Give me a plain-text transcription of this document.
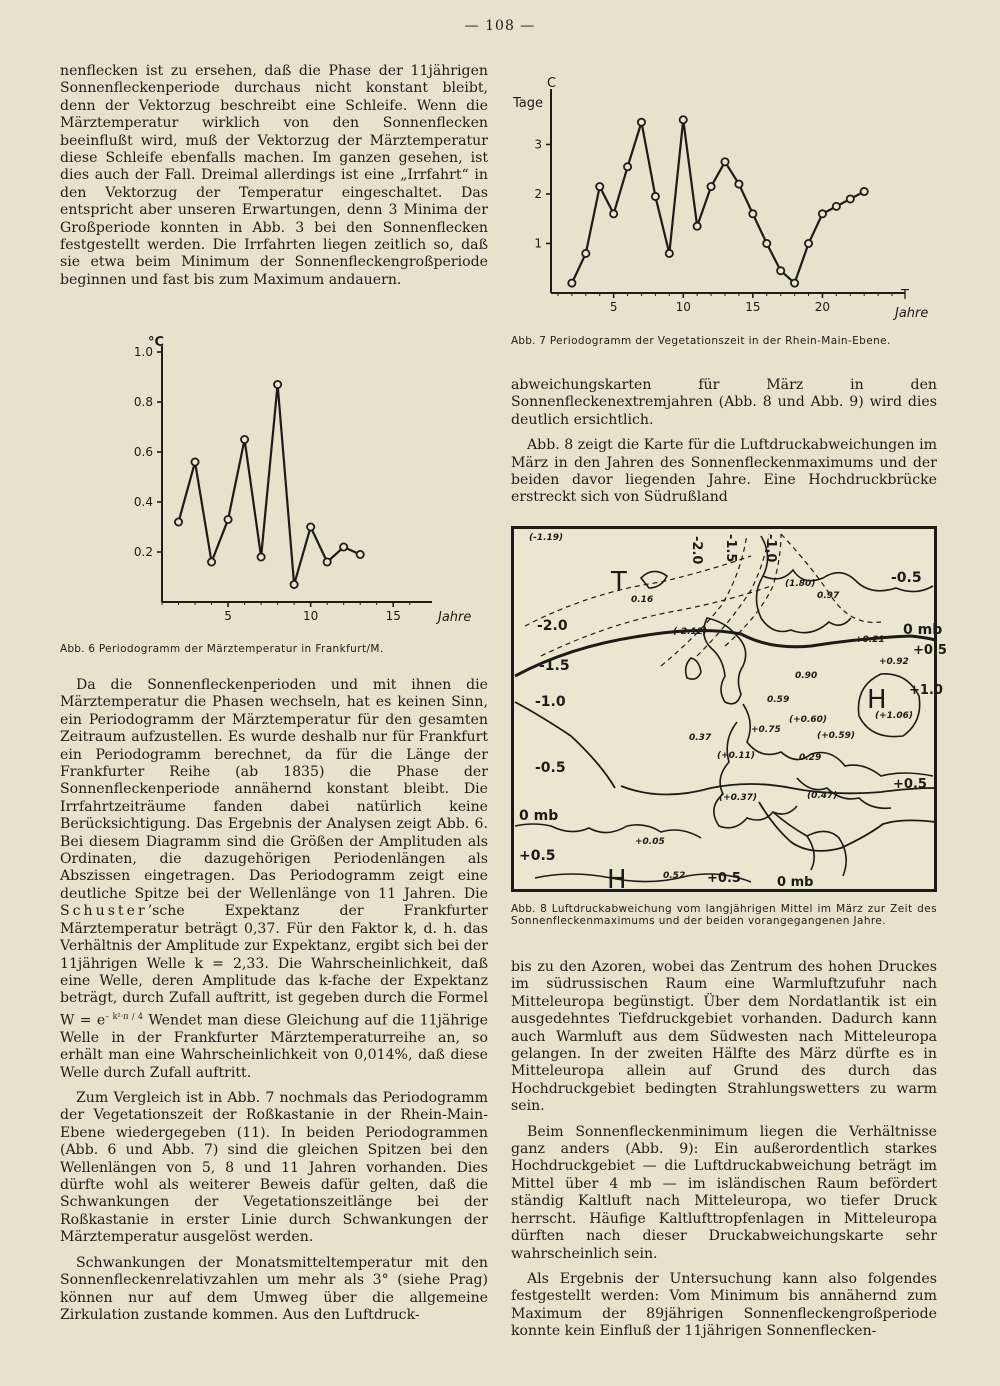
— 108 —

nenflecken ist zu ersehen, daß die Phase der 11jährigen Sonnenfleckenperiode durchaus nicht konstant bleibt, denn der Vektorzug beschreibt eine Schleife. Wenn die Märztemperatur wirklich von den Sonnenflecken beeinflußt wird, muß der Vektorzug der Märztemperatur diese Schleife ebenfalls machen. Im ganzen gesehen, ist dies auch der Fall. Dreimal allerdings ist eine „Irrfahrt“ in den Vektorzug der Temperatur eingeschaltet. Das entspricht aber unseren Erwartungen, denn 3 Minima der Großperiode konnten in Abb. 3 bei den Sonnenflecken festgestellt werden. Die Irrfahrten liegen zeitlich so, daß sie etwa beim Minimum der Sonnenfleckengroßperiode beginnen und fast bis zum Maximum andauern.

0.2
0.4
0.6
0.8
1.0
5	10	15
°C
Jahre
Abb. 6 Periodogramm der Märztemperatur in Frankfurt/M.

Da die Sonnenfleckenperioden und mit ihnen die Märztemperatur die Phasen wechseln, hat es keinen Sinn, ein Periodogramm der Märztemperatur für den gesamten Zeitraum aufzustellen. Es wurde deshalb nur für Frankfurt ein Periodogramm berechnet, da für die Länge der Frankfurter Reihe (ab 1835) die Phase der Sonnenfleckenperiode annähernd konstant bleibt. Die Irrfahrtzeiträume fanden dabei natürlich keine Berücksichtigung. Das Ergebnis der Analysen zeigt Abb. 6. Bei diesem Diagramm sind die Größen der Amplituden als Ordinaten, die dazugehörigen Periodenlängen als Abszissen eingetragen. Das Periodogramm zeigt eine deutliche Spitze bei der Wellenlänge von 11 Jahren. Die Schuster’sche Expektanz der Frankfurter Märztemperatur beträgt 0,37. Für den Faktor k, d. h. das Verhältnis der Amplitude zur Expektanz, ergibt sich bei der 11jährigen Welle k = 2,33. Die Wahrscheinlichkeit, daß eine Welle, deren Amplitude das k-fache der Expektanz beträgt, durch Zufall auftritt, ist gegeben durch die Formel $W = e^{- k^2\cdot\pi / 4}$ Wendet man diese Gleichung auf die 11jährige Welle in der Frankfurter Märztemperaturreihe an, so erhält man eine Wahrscheinlichkeit von 0,014%, daß diese Welle durch Zufall auftritt.

Zum Vergleich ist in Abb. 7 nochmals das Periodogramm der Vegetationszeit der Roßkastanie in der Rhein-Main-Ebene wiedergegeben (11). In beiden Periodogrammen (Abb. 6 und Abb. 7) sind die gleichen Spitzen bei den Wellenlängen von 5, 8 und 11 Jahren vorhanden. Dies dürfte wohl als weiterer Beweis dafür gelten, daß die Schwankungen der Vegetationszeitlänge bei der Roßkastanie in erster Linie durch Schwankungen der Märztemperatur ausgelöst werden.

Schwankungen der Monatsmitteltemperatur mit den Sonnenfleckenrelativzahlen um mehr als 3° (siehe Prag) können nur auf dem Umweg über die allgemeine Zirkulation zustande kommen. Aus den Luftdruck-

1
2
3
5	10	15	20
C
Tage
T
Jahre
Abb. 7 Periodogramm der Vegetationszeit in der Rhein-Main-Ebene.

abweichungskarten für März in den Sonnenfleckenextremjahren (Abb. 8 und Abb. 9) wird dies deutlich ersichtlich.

Abb. 8 zeigt die Karte für die Luftdruckabweichungen im März in den Jahren des Sonnenfleckenmaximums und der beiden davor liegenden Jahre. Eine Hochdruckbrücke erstreckt sich von Südrußland

-2.0 -1.5 -1.0
-2.0
-1.5
-1.0
-0.5
0 mb
+0.5
-0.5
0 mb
+0.5
+1.0
+0.5
0 mb
+0.5
T
H
H
(-1.19)
(1.80)
0.97
(-2.12)
+0.21
+0.92
0.90
(+1.06)
0.59
(+0.60)
(+0.59)
+0.75
0.37
(+0.11)	0.29
(+0.37)	(0.47)
+0.05
0.52
0.16
Abb. 8 Luftdruckabweichung vom langjährigen Mittel im März zur Zeit des Sonnenfleckenmaximums und der beiden vorangegangenen Jahre.

bis zu den Azoren, wobei das Zentrum des hohen Druckes im südrussischen Raum eine Warmluftzufuhr nach Mitteleuropa begünstigt. Über dem Nordatlantik ist ein ausgedehntes Tiefdruckgebiet vorhanden. Dadurch kann auch Warmluft aus dem Südwesten nach Mitteleuropa gelangen. In der zweiten Hälfte des März dürfte es in Mitteleuropa allein auf Grund des durch das Hochdruckgebiet bedingten Strahlungswetters zu warm sein.

Beim Sonnenfleckenminimum liegen die Verhältnisse ganz anders (Abb. 9): Ein außerordentlich starkes Hochdruckgebiet — die Luftdruckabweichung beträgt im Mittel über 4 mb — im isländischen Raum befördert ständig Kaltluft nach Mitteleuropa, wo tiefer Druck herrscht. Häufige Kaltlufttropfenlagen in Mitteleuropa dürften nach dieser Druckabweichungskarte sehr wahrscheinlich sein.

Als Ergebnis der Untersuchung kann also folgendes festgestellt werden: Vom Minimum bis annähernd zum Maximum der 89jährigen Sonnenfleckengroßperiode konnte kein Einfluß der 11jährigen Sonnenflecken-
